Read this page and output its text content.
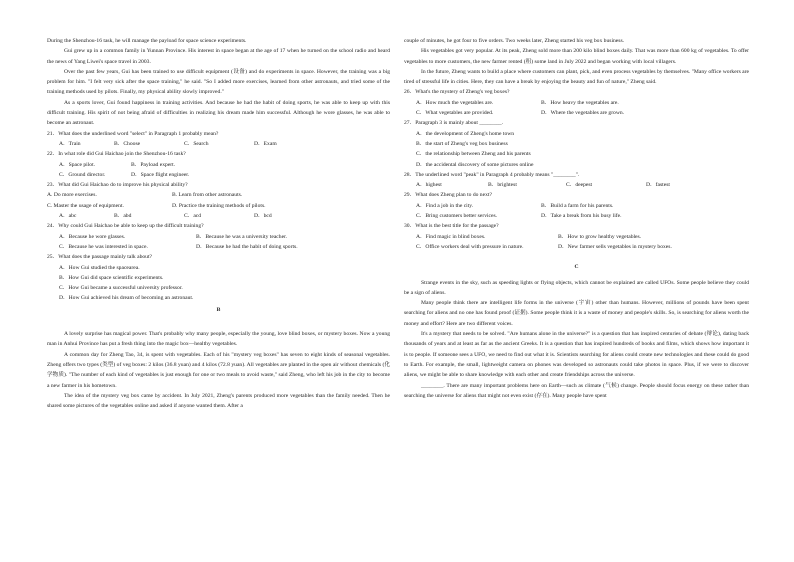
During the Shenzhou-16 task, he will manage the payload for space science experiments.

Gui grew up in a common family in Yunnan Province. His interest in space began at the age of 17 when he turned on the school radio and heard the news of Yang Liwei's space travel in 2003.

Over the past few years, Gui has been trained to use difficult equipment (设备) and do experiments in space. However, the training was a big problem for him. "I felt very sick after the space training," he said. "So I added more exercises, learned from other astronauts, and tried some of the training methods used by pilots. Finally, my physical ability slowly improved."

As a sports lover, Gui found happiness in training activities. And because he had the habit of doing sports, he was able to keep up with this difficult training. His spirit of not being afraid of difficulties in realizing his dream made him successful. Although he wore glasses, he was able to become an astronaut.

21．What does the underlined word "select" in Paragraph 1 probably mean?

A．Train	B．Choose	C．Search	D．Exam

22．In what role did Gui Haichao join the Shenzhou-16 task?

A．Space pilot.	B．Payload expert.
C．Ground director.	D．Space flight engineer.

23．What did Gui Haichao do to improve his physical ability?

A. Do more exercises.	B. Learn from other astronauts.
C. Master the usage of equipment.	D. Practice the training methods of pilots.
A．abc	B．abd	C．acd	D．bcd

24．Why could Gui Haichao be able to keep up the difficult training?

A．Because he wore glasses.	B．Because he was a university teacher.
C．Because he was interested in space.	D．Because he had the habit of doing sports.

25．What does the passage mainly talk about?

A．How Gui studied the spacearea.
B．How Gui did space scientific experiments.
C．How Gui became a successful university professor.
D．How Gui achieved his dream of becoming an astronaut.
B

A lovely surprise has magical power. That's probably why many people, especially the young, love blind boxes, or mystery boxes. Now a young man in Anhui Province has put a fresh thing into the magic box—healthy vegetables.

A common day for Zheng Tao, 34, is spent with vegetables. Each of his "mystery veg boxes" has seven to eight kinds of seasonal vegetables. Zheng offers two types (类型) of veg boxes: 2 kilos (36.8 yuan) and 4 kilos (72.8 yuan). All vegetables are planted in the open air without chemicals (化学物质). "The number of each kind of vegetables is just enough for one or two meals to avoid waste," said Zheng, who left his job in the city to become a new farmer in his hometown.

The idea of the mystery veg box came by accident. In July 2021, Zheng's parents produced more vegetables than the family needed. Then he shared some pictures of the vegetables online and asked if anyone wanted them. After a

couple of minutes, he got four to five orders. Two weeks later, Zheng started his veg box business.

His vegetables got very popular. At its peak, Zheng sold more than 200 kilo blind boxes daily. That was more than 600 kg of vegetables. To offer vegetables to more customers, the new farmer rented (租) some land in July 2022 and began working with local villagers.

In the future, Zheng wants to build a place where customers can plant, pick, and even process vegetables by themselves. "Many office workers are tired of stressful life in cities. Here, they can have a break by enjoying the beauty and fun of nature," Zheng said.

26．What's the mystery of Zheng's veg boxes?

A．How much the vegetables are.	B．How heavy the vegetables are.
C．What vegetables are provided.	D．Where the vegetables are grown.

27．Paragraph 3 is mainly about ________.

A．the development of Zheng's home town
B．the start of Zheng's veg box business
C．the relationship between Zheng and his parents
D．the accidental discovery of some pictures online

28．The underlined word "peak" in Paragraph 4 probably means "________".

A．highest	B．brightest	C．deepest	D．fastest

29．What does Zheng plan to do next?

A．Find a job in the city.	B．Build a farm for his parents.
C．Bring customers better services.	D．Take a break from his busy life.

30．What is the best title for the passage?

A．Find magic in blind boxes.	B．How to grow healthy vegetables.
C．Office workers deal with pressure in nature.	D．New farmer sells vegetables in mystery boxes.
C

Strange events in the sky, such as speeding lights or flying objects, which cannot be explained are called UFOs. Some people believe they could be a sign of aliens.

Many people think there are intelligent life forms in the universe (宇宙) other than humans. However, millions of pounds have been spent searching for aliens and no one has found proof (证据). Some people think it is a waste of money and people's skills. So, is searching for aliens worth the money and effort? Here are two different voices.

It's a mystery that needs to be solved. "Are humans alone in the universe?" is a question that has inspired centuries of debate (辩论), dating back thousands of years and at least as far as the ancient Greeks. It is a question that has inspired hundreds of books and films, which shows how important it is to people. If someone sees a UFO, we need to find out what it is. Scientists searching for aliens could create new technologies and these could do good to Earth. For example, the small, lightweight camera on phones was developed so astronauts could take photos in space. Plus, if we were to discover aliens, we might be able to share knowledge with each other and create friendships across the universe.

________. There are many important problems here on Earth—such as climate (气候) change. People should focus energy on these rather than searching the universe for aliens that might not even exist (存在). Many people have spent
